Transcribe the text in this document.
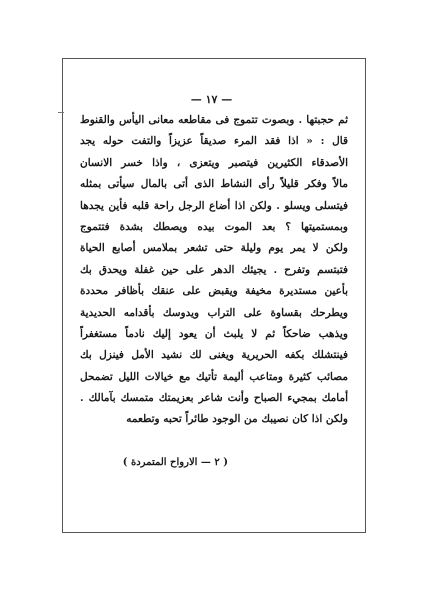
— ١٧ —
ثم حجبتها . وبصوت تتموج فى مقاطعه معانى اليأس والقنوط
قال : « اذا فقد المرء صديقاً عزيزاً والتفت حوله يجد
الأصدقاء الكثيرين فيتصبر ويتعزى ، واذا خسر الانسان
مالاً وفكر قليلاً رأى النشاط الذى أتى بالمال سيأتى بمثله
فيتسلى ويسلو . ولكن اذا أضاع الرجل راحة قلبه فأين يجدها
وبمستميتها ؟ بعد الموت بيده ويصطك بشدة فتتموج
ولكن لا يمر يوم وليلة حتى تشعر بملامس أصابع الحياة
فتبتسم وتفرح . يجيئك الدهر على حين غفلة ويحدق بك
بأعين مستديرة مخيفة ويقبض على عنقك بأظافر محددة
ويطرحك بقساوة على التراب ويدوسك بأقدامه الحديدية
ويذهب ضاحكاً ثم لا يلبث أن يعود إليك نادماً مستغفراً
فينتشلك بكفه الحريرية ويغنى لك نشيد الأمل فينزل بك
مصائب كثيرة ومتاعب أليمة تأتيك مع خيالات الليل تضمحل
أمامك بمجيء الصباح وأنت شاعر بعزيمتك متمسك بآمالك .
ولكن اذا كان نصيبك من الوجود طائراً تحبه وتطعمه
( ٢ — الارواح المتمردة )
